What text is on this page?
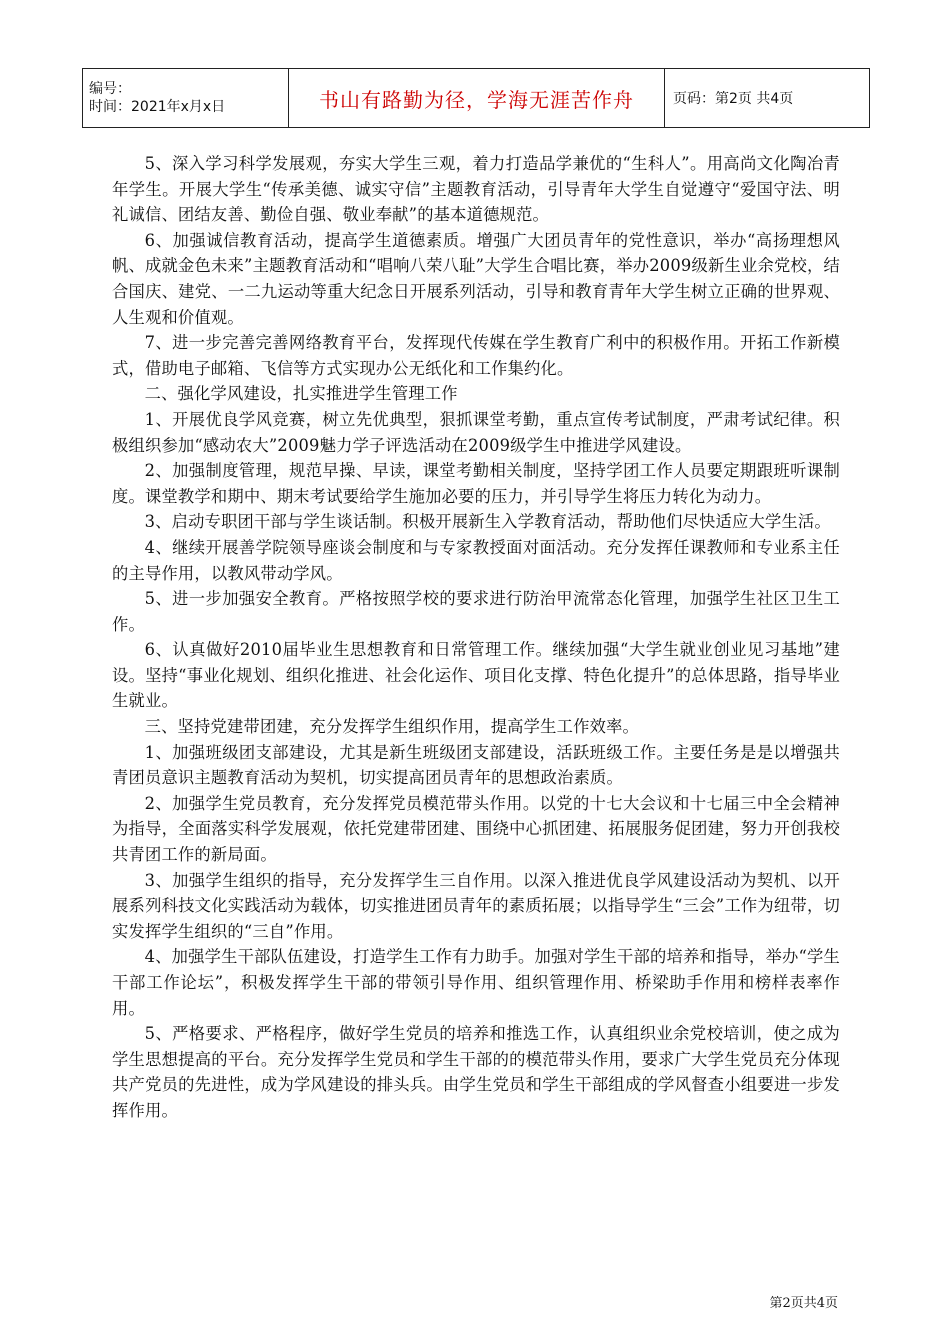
编号：
时间：2021年x月x日	书山有路勤为径，学海无涯苦作舟	页码：第2页 共4页

5、深入学习科学发展观，夯实大学生三观，着力打造品学兼优的“生科人”。用高尚文化陶冶青年学生。开展大学生“传承美德、诚实守信”主题教育活动，引导青年大学生自觉遵守“爱国守法、明礼诚信、团结友善、勤俭自强、敬业奉献”的基本道德规范。

6、加强诚信教育活动，提高学生道德素质。增强广大团员青年的党性意识，举办“高扬理想风帆、成就金色未来”主题教育活动和“唱响八荣八耻”大学生合唱比赛，举办2009级新生业余党校，结合国庆、建党、一二九运动等重大纪念日开展系列活动，引导和教育青年大学生树立正确的世界观、人生观和价值观。

7、进一步完善完善网络教育平台，发挥现代传媒在学生教育广利中的积极作用。开拓工作新模式，借助电子邮箱、飞信等方式实现办公无纸化和工作集约化。

二、强化学风建设，扎实推进学生管理工作

1、开展优良学风竞赛，树立先优典型，狠抓课堂考勤，重点宣传考试制度，严肃考试纪律。积极组织参加“感动农大”2009魅力学子评选活动在2009级学生中推进学风建设。

2、加强制度管理，规范早操、早读，课堂考勤相关制度，坚持学团工作人员要定期跟班听课制度。课堂教学和期中、期末考试要给学生施加必要的压力，并引导学生将压力转化为动力。

3、启动专职团干部与学生谈话制。积极开展新生入学教育活动，帮助他们尽快适应大学生活。

4、继续开展善学院领导座谈会制度和与专家教授面对面活动。充分发挥任课教师和专业系主任的主导作用，以教风带动学风。

5、进一步加强安全教育。严格按照学校的要求进行防治甲流常态化管理，加强学生社区卫生工作。

6、认真做好2010届毕业生思想教育和日常管理工作。继续加强“大学生就业创业见习基地”建设。坚持“事业化规划、组织化推进、社会化运作、项目化支撑、特色化提升”的总体思路，指导毕业生就业。

三、坚持党建带团建，充分发挥学生组织作用，提高学生工作效率。

1、加强班级团支部建设，尤其是新生班级团支部建设，活跃班级工作。主要任务是是以增强共青团员意识主题教育活动为契机，切实提高团员青年的思想政治素质。

2、加强学生党员教育，充分发挥党员模范带头作用。以党的十七大会议和十七届三中全会精神为指导，全面落实科学发展观，依托党建带团建、围绕中心抓团建、拓展服务促团建，努力开创我校共青团工作的新局面。

3、加强学生组织的指导，充分发挥学生三自作用。以深入推进优良学风建设活动为契机、以开展系列科技文化实践活动为载体，切实推进团员青年的素质拓展；以指导学生“三会”工作为纽带，切实发挥学生组织的“三自”作用。

4、加强学生干部队伍建设，打造学生工作有力助手。加强对学生干部的培养和指导，举办“学生干部工作论坛”，积极发挥学生干部的带领引导作用、组织管理作用、桥梁助手作用和榜样表率作用。

5、严格要求、严格程序，做好学生党员的培养和推选工作，认真组织业余党校培训，使之成为学生思想提高的平台。充分发挥学生党员和学生干部的的模范带头作用，要求广大学生党员充分体现共产党员的先进性，成为学风建设的排头兵。由学生党员和学生干部组成的学风督查小组要进一步发挥作用。

第2页共4页
